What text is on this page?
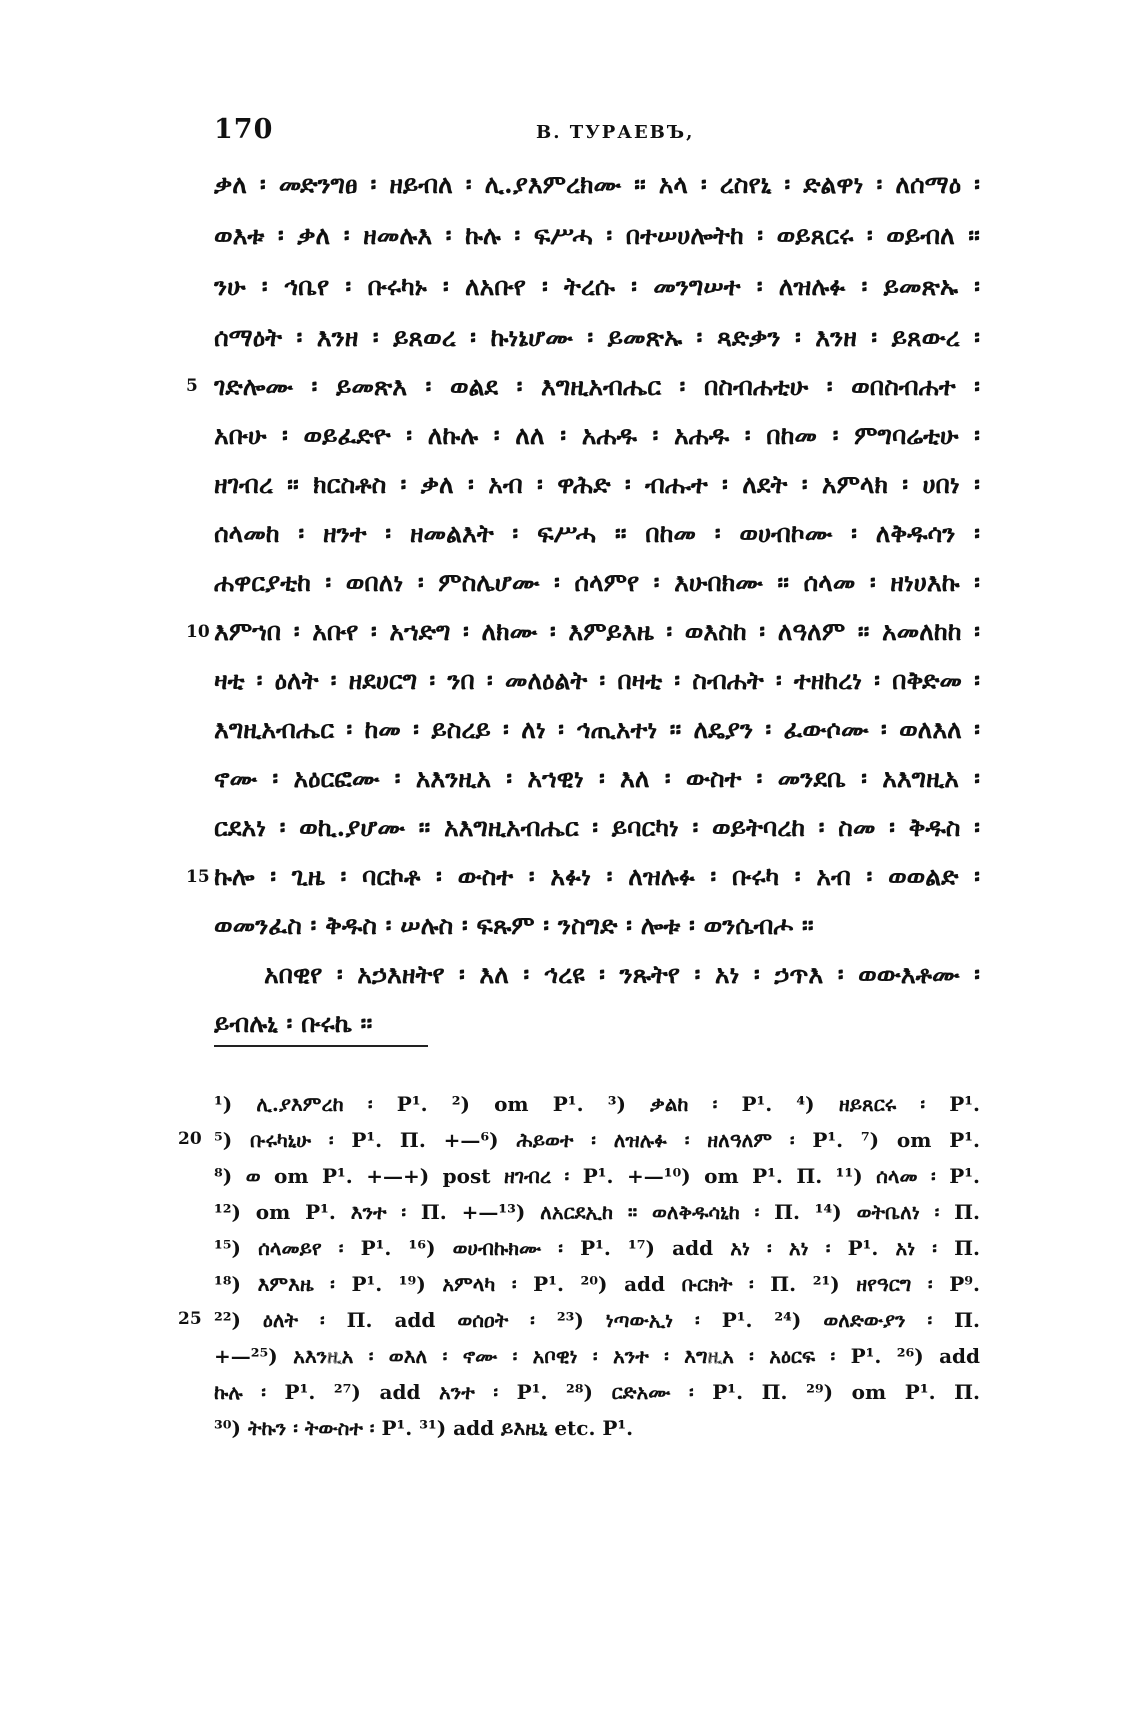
170	В. ТУРАЕВЪ,
ቃለ ፡ መድንግፀ ፡ ዘይብለ ፡ ሊ.ያእምረክሙ ። አላ ፡ ረስየኒ ፡ ድልዋነ ፡ ለሰማዕ ፡
ወእቱ ፡ ቃለ ፡ ዘመሉእ ፡ ኩሉ ፡ ፍሥሓ ፡ በተሠሀሎትከ ፡ ወይጸርሩ ፡ ወይብለ ።
ንሁ ፡ ኅቤየ ፡ ቡሩካኑ ፡ ለአቡየ ፡ ትረሱ ፡ መንግሠተ ፡ ለዝሉፉ ፡ ይመጽኡ ፡
ሰማዕት ፡ እንዘ ፡ ይጸወረ ፡ ኩነኔሆሙ ፡ ይመጽኡ ፡ ጻድቃን ፡ እንዘ ፡ ይጸውረ ፡
5 ገድሎሙ ፡ ይመጽእ ፡ ወልደ ፡ እግዚአብሔር ፡ በስብሐቲሁ ፡ ወበስብሐተ ፡
አቡሁ ፡ ወይፈድዮ ፡ ለኩሉ ፡ ለለ ፡ አሐዱ ፡ አሐዱ ፡ በከመ ፡ ምግባሬቲሁ ፡
ዘገብረ ። ክርስቶስ ፡ ቃለ ፡ አብ ፡ ዋሕድ ፡ ብሑተ ፡ ለደት ፡ አምላክ ፡ ሀበነ ፡
ሰላመከ ፡ ዘንተ ፡ ዘመልእት ፡ ፍሥሓ ። በከመ ፡ ወሀብኮሙ ፡ ለቅዱሳን ፡
ሐዋርያቲከ ፡ ወበለነ ፡ ምስሌሆሙ ፡ ሰላምየ ፡ እሁበክሙ ። ሰላመ ፡ ዘነሀእኩ ፡
10 እምኀበ ፡ አቡየ ፡ አኀድግ ፡ ለክሙ ፡ እምይእዜ ፡ ወእስከ ፡ ለዓለም ። አመለከከ ፡
ዛቲ ፡ ዕለት ፡ ዘደሀርግ ፡ ንበ ፡ መለዕልት ፡ በዛቲ ፡ ስብሐት ፡ ተዘከረነ ፡ በቅድመ ፡
እግዚአብሔር ፡ ከመ ፡ ይስረይ ፡ ለነ ፡ ኅጢአተነ ። ለዴያን ፡ ፈውሶሙ ፡ ወለእለ ፡
ኖሙ ፡ አዕርፎሙ ፡ አእንዚአ ፡ አኀዊነ ፡ እለ ፡ ውስተ ፡ መንደቤ ፡ አእግዚአ ፡
ርደአነ ፡ ወኪ.ያሆሙ ። አእግዚአብሔር ፡ ይባርካነ ፡ ወይትባረከ ፡ ስመ ፡ ቅዱስ ፡
15 ኩሎ ፡ ጊዜ ፡ ባርኮቶ ፡ ውስተ ፡ አፉነ ፡ ለዝሉፉ ፡ ቡሩካ ፡ አብ ፡ ወወልድ ፡
ወመንፈስ ፡ ቅዱስ ፡ ሠሉስ ፡ ፍጹም ፡ ንስግድ ፡ ሎቱ ፡ ወንሴብሖ ፡፡
አበዊየ ፡ አኃእዘትየ ፡ እለ ፡ ኅረዩ ፡ ንጹትየ ፡ አነ ፡ ኃጥእ ፡ ወውእቶሙ ፡
ይብሉኒ ፡ ቡሩኬ ፡፡
¹) ሊ.ያእምረከ ፡ P¹. ²) om P¹. ³) ቃልከ ፡ P¹. ⁴) ዘይጸርሩ ፡ P¹.
20 ⁵) ቡሩካኒሁ ፡ P¹. П. +—⁶) ሕይወተ ፡ ለዝሉፉ ፡ ዘለዓለም ፡ P¹. ⁷) om P¹.
⁸) ወ om P¹. +—+) post ዘገብረ ፡ P¹. +—¹⁰) om P¹. П. ¹¹) ሰላመ ፡ P¹.
¹²) om P¹. እንተ ፡ П. +—¹³) ለአርደኢከ ። ወለቅዱሳኒከ ፡ П. ¹⁴) ወትቤለነ ፡ П.
¹⁵) ሰላመይየ ፡ P¹. ¹⁶) ወሀብኩክሙ ፡ P¹. ¹⁷) add አነ ፡ አነ ፡ P¹. አነ ፡ П.
¹⁸) እምእዜ ፡ P¹. ¹⁹) አምላካ ፡ P¹. ²⁰) add ቡርክት ፡ П. ²¹) ዘየዓርግ ፡ P⁹.
25 ²²) ዕለት ፡ П. add ወሰዐት ፡ ²³) ነጣውኢነ ፡ P¹. ²⁴) ወለድውያን ፡ П.
+—²⁵) አእንዚአ ፡ ወእለ ፡ ኖሙ ፡ አቦዊነ ፡ አንተ ፡ እግዚአ ፡ አዕርፍ ፡ P¹. ²⁶) add
ኩሉ ፡ P¹. ²⁷) add አንተ ፡ P¹. ²⁸) ርድአሙ ፡ P¹. П. ²⁹) om P¹. П.
³⁰) ትኩን ፡ ትውስተ ፡ P¹. ³¹) add ይእዜኒ etc. P¹.
